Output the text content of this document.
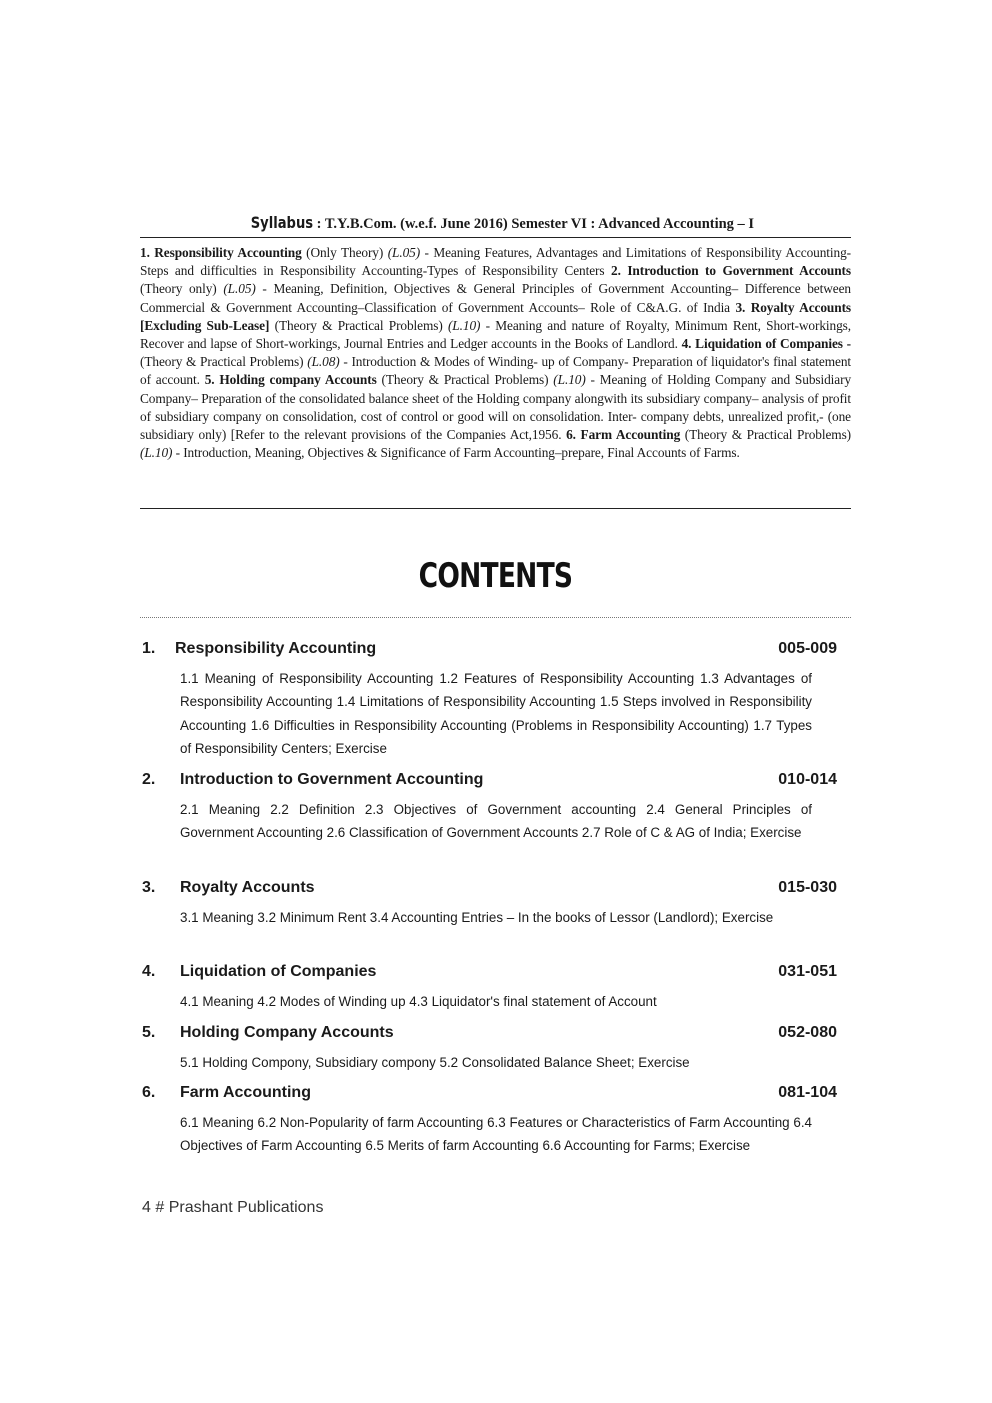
Syllabus : T.Y.B.Com. (w.e.f. June 2016) Semester VI : Advanced Accounting – I
1. Responsibility Accounting (Only Theory) (L.05) - Meaning Features, Advantages and Limitations of Responsibility Accounting-Steps and difficulties in Responsibility Accounting-Types of Responsibility Centers 2. Introduction to Government Accounts (Theory only) (L.05) - Meaning, Definition, Objectives & General Principles of Government Accounting– Difference between Commercial & Government Accounting–Classification of Government Accounts– Role of C&A.G. of India 3. Royalty Accounts [Excluding Sub-Lease] (Theory & Practical Problems) (L.10) - Meaning and nature of Royalty, Minimum Rent, Short-workings, Recover and lapse of Short-workings, Journal Entries and Ledger accounts in the Books of Landlord. 4. Liquidation of Companies - (Theory & Practical Problems) (L.08) - Introduction & Modes of Winding- up of Company- Preparation of liquidator's final statement of account. 5. Holding company Accounts (Theory & Practical Problems) (L.10) - Meaning of Holding Company and Subsidiary Company– Preparation of the consolidated balance sheet of the Holding company alongwith its subsidiary company– analysis of profit of subsidiary company on consolidation, cost of control or good will on consolidation. Inter- company debts, unrealized profit,- (one subsidiary only) [Refer to the relevant provisions of the Companies Act,1956. 6. Farm Accounting (Theory & Practical Problems) (L.10) - Introduction, Meaning, Objectives & Significance of Farm Accounting–prepare, Final Accounts of Farms.
CONTENTS
1. Responsibility Accounting	005-009
1.1 Meaning of Responsibility Accounting 1.2 Features of Responsibility Accounting 1.3 Advantages of Responsibility Accounting 1.4 Limitations of Responsibility Accounting 1.5 Steps involved in Responsibility Accounting 1.6 Difficulties in Responsibility Accounting (Problems in Responsibility Accounting) 1.7 Types of Responsibility Centers; Exercise
2. Introduction to Government Accounting	010-014
2.1 Meaning 2.2 Definition 2.3 Objectives of Government accounting 2.4 General Principles of Government Accounting 2.6 Classification of Government Accounts 2.7 Role of C & AG of India; Exercise
3. Royalty Accounts	015-030
3.1 Meaning 3.2 Minimum Rent 3.4 Accounting Entries – In the books of Lessor (Landlord); Exercise
4. Liquidation of Companies	031-051
4.1 Meaning 4.2 Modes of Winding up 4.3 Liquidator's final statement of Account
5. Holding Company Accounts	052-080
5.1 Holding Compony, Subsidiary compony 5.2 Consolidated Balance Sheet; Exercise
6. Farm Accounting	081-104
6.1 Meaning 6.2 Non-Popularity of farm Accounting 6.3 Features or Characteristics of Farm Accounting 6.4 Objectives of Farm Accounting 6.5 Merits of farm Accounting 6.6 Accounting for Farms; Exercise
4 # Prashant Publications
